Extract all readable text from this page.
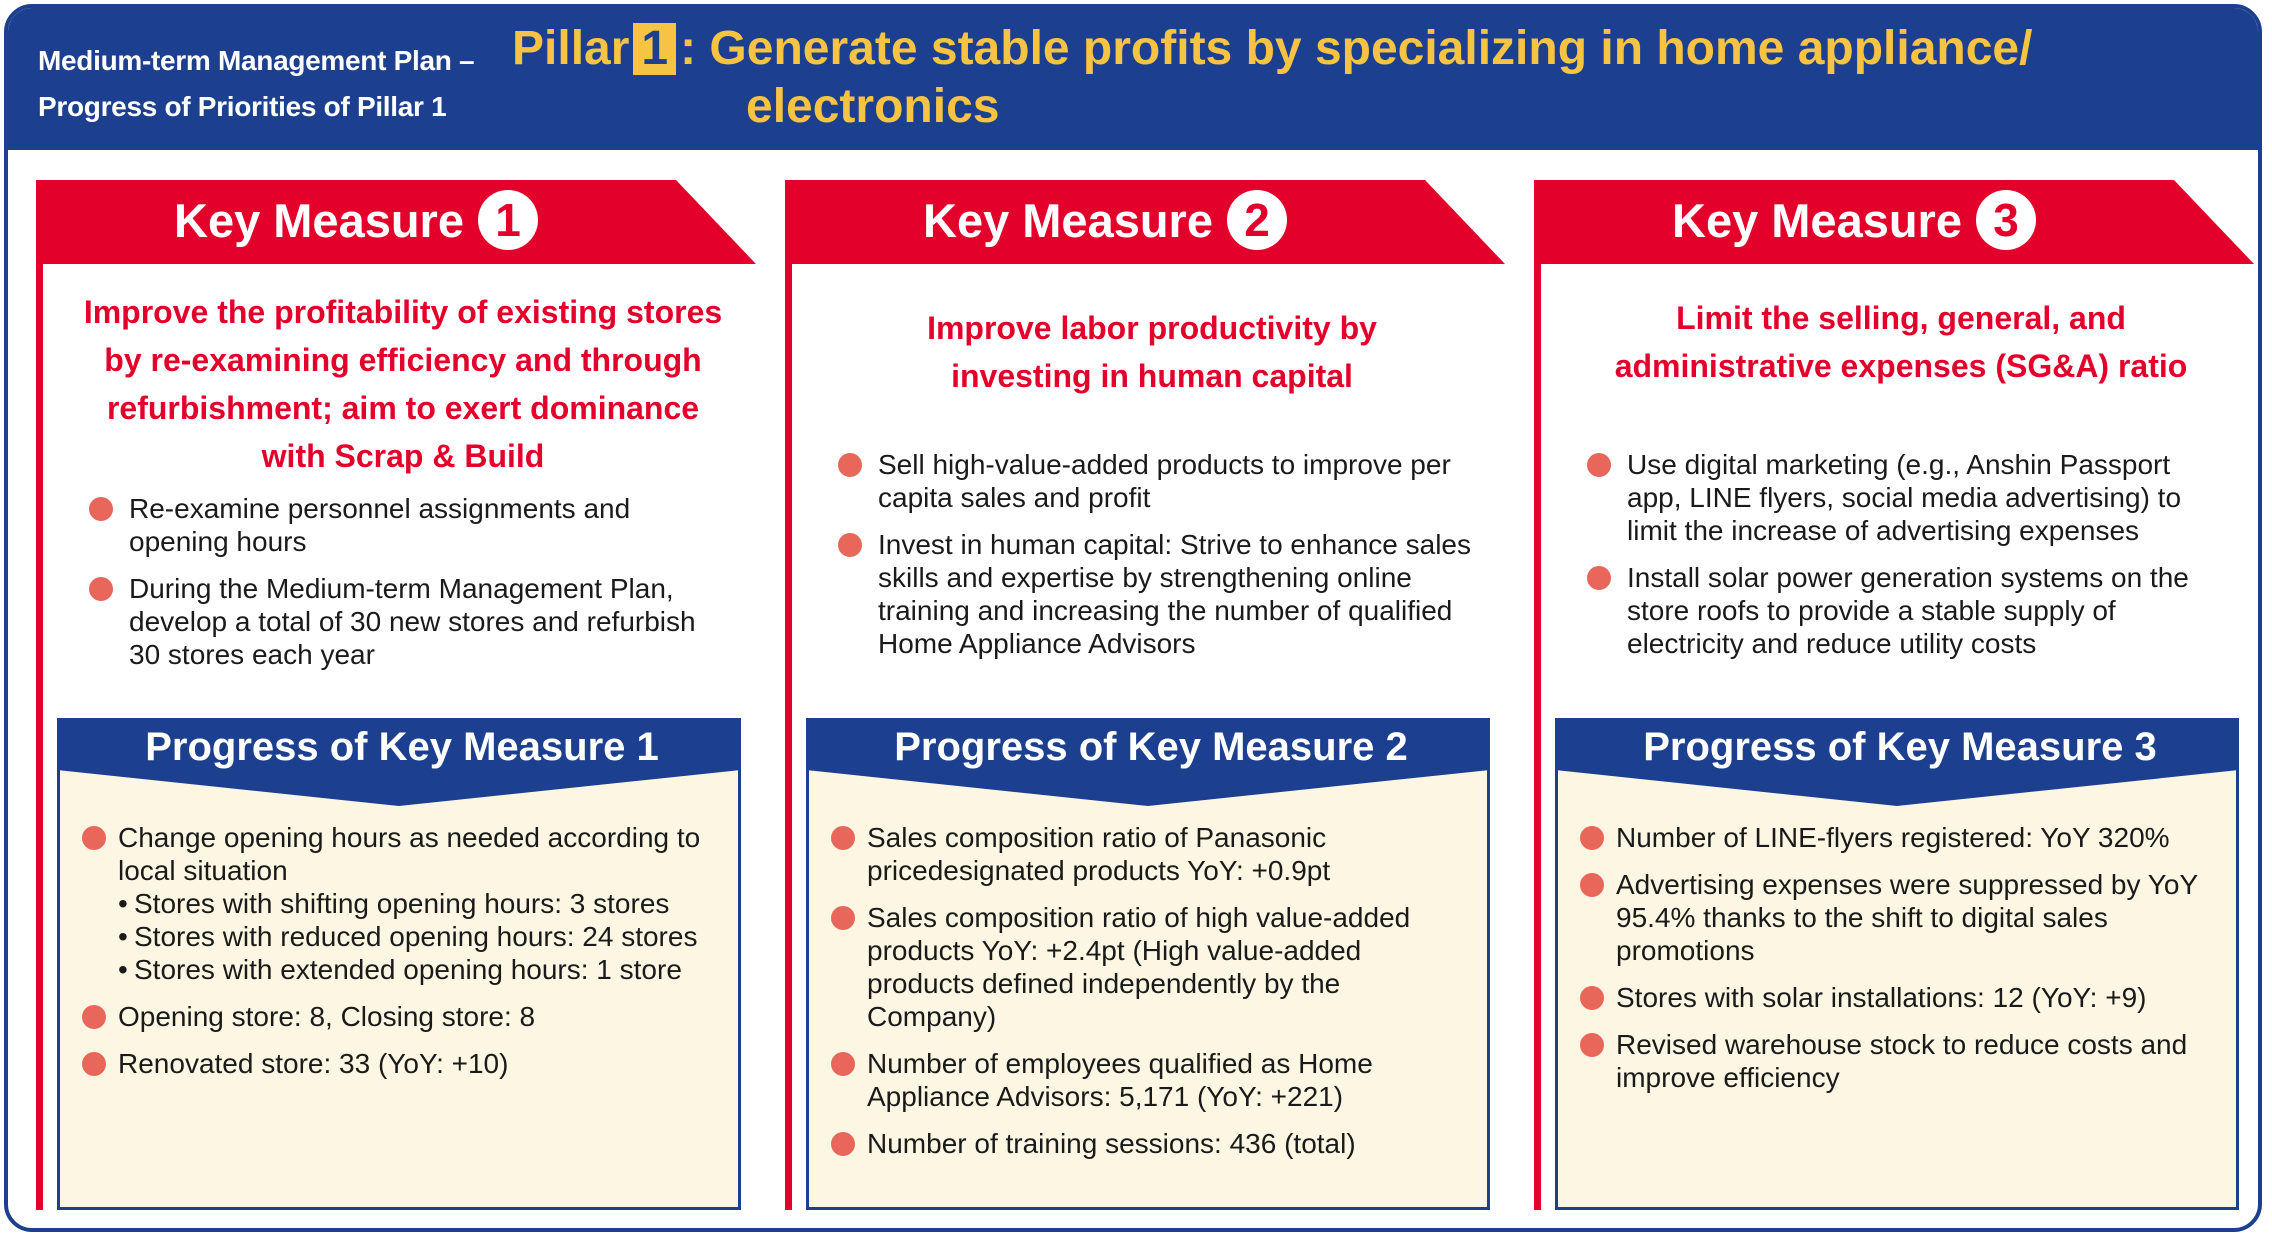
Medium-term Management Plan –
Progress of Priorities of Pillar 1
Pillar 1 : Generate stable profits by specializing in home appliance/
electronics
Key Measure 1
Improve the profitability of existing stores by re-examining efficiency and through refurbishment; aim to exert dominance with Scrap & Build
Re-examine personnel assignments and opening hours
During the Medium-term Management Plan, develop a total of 30 new stores and refurbish 30 stores each year
Progress of Key Measure 1
Change opening hours as needed according to local situation
• Stores with shifting opening hours: 3 stores
• Stores with reduced opening hours: 24 stores
• Stores with extended opening hours: 1 store
Opening store: 8, Closing store: 8
Renovated store: 33 (YoY: +10)
Key Measure 2
Improve labor productivity by investing in human capital
Sell high-value-added products to improve per capita sales and profit
Invest in human capital: Strive to enhance sales skills and expertise by strengthening online training and increasing the number of qualified Home Appliance Advisors
Progress of Key Measure 2
Sales composition ratio of Panasonic pricedesignated products YoY: +0.9pt
Sales composition ratio of high value-added products YoY: +2.4pt (High value-added products defined independently by the Company)
Number of employees qualified as Home Appliance Advisors: 5,171 (YoY: +221)
Number of training sessions: 436 (total)
Key Measure 3
Limit the selling, general, and administrative expenses (SG&A) ratio
Use digital marketing (e.g., Anshin Passport app, LINE flyers, social media advertising) to limit the increase of advertising expenses
Install solar power generation systems on the store roofs to provide a stable supply of electricity and reduce utility costs
Progress of Key Measure 3
Number of LINE-flyers registered: YoY 320%
Advertising expenses were suppressed by YoY 95.4% thanks to the shift to digital sales promotions
Stores with solar installations: 12 (YoY: +9)
Revised warehouse stock to reduce costs and improve efficiency
